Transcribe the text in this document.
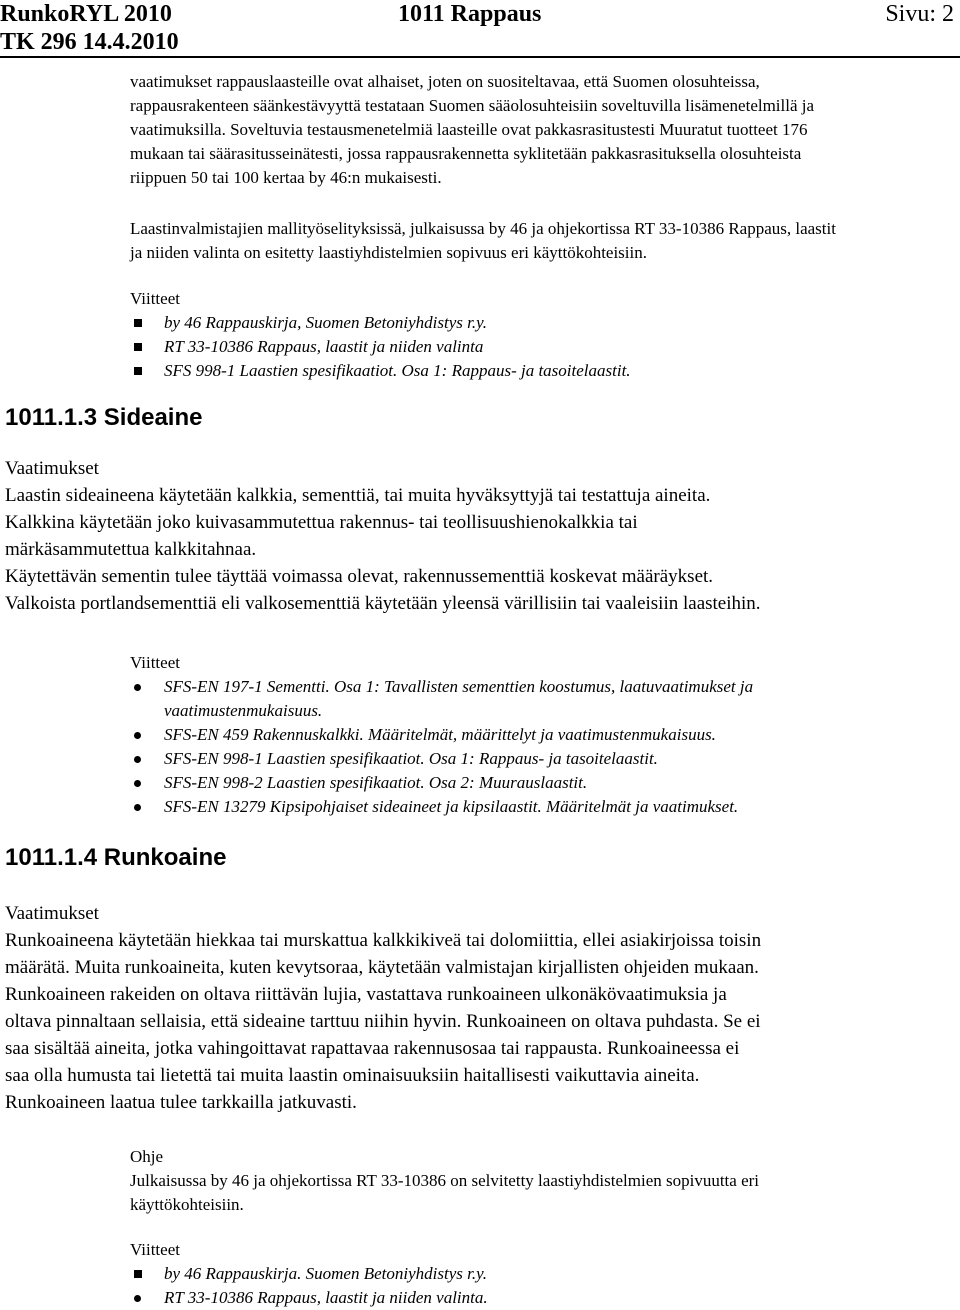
RunkoRYL 2010	1011 Rappaus	Sivu: 2
TK 296 14.4.2010
vaatimukset rappauslaasteille ovat alhaiset, joten on suositeltavaa, että Suomen olosuhteissa,
rappausrakenteen säänkestävyyttä testataan Suomen sääolosuhteisiin soveltuvilla lisämenetelmillä ja
vaatimuksilla. Soveltuvia testausmenetelmiä laasteille ovat pakkasrasitustesti Muuratut tuotteet 176
mukaan tai säärasitusseinätesti, jossa rappausrakennetta syklitetään pakkasrasituksella olosuhteista
riippuen 50 tai 100 kertaa by 46:n mukaisesti.
Laastinvalmistajien mallityöselityksissä, julkaisussa by 46 ja ohjekortissa RT 33-10386 Rappaus, laastit
ja niiden valinta on esitetty laastiyhdistelmien sopivuus eri käyttökohteisiin.
Viitteet
by 46 Rappauskirja, Suomen Betoniyhdistys r.y.
RT 33-10386 Rappaus, laastit ja niiden valinta
SFS 998-1 Laastien spesifikaatiot. Osa 1: Rappaus- ja tasoitelaastit.
1011.1.3 Sideaine
Vaatimukset
Laastin sideaineena käytetään kalkkia, sementtiä, tai muita hyväksyttyjä tai testattuja aineita.
Kalkkina käytetään joko kuivasammutettua rakennus- tai teollisuushienokalkkia tai
märkäsammutettua kalkkitahnaa.
Käytettävän sementin tulee täyttää voimassa olevat, rakennussementtiä koskevat määräykset.
Valkoista portlandsementtiä eli valkosementtiä käytetään yleensä värillisiin tai vaaleisiin laasteihin.
Viitteet
SFS-EN 197-1 Sementti. Osa 1: Tavallisten sementtien koostumus, laatuvaatimukset ja
vaatimustenmukaisuus.
SFS-EN 459 Rakennuskalkki. Määritelmät, määrittelyt ja vaatimustenmukaisuus.
SFS-EN 998-1 Laastien spesifikaatiot. Osa 1: Rappaus- ja tasoitelaastit.
SFS-EN 998-2 Laastien spesifikaatiot. Osa 2: Muurauslaastit.
SFS-EN 13279 Kipsipohjaiset sideaineet ja kipsilaastit. Määritelmät ja vaatimukset.
1011.1.4 Runkoaine
Vaatimukset
Runkoaineena käytetään hiekkaa tai murskattua kalkkikiveä tai dolomiittia, ellei asiakirjoissa toisin
määrätä. Muita runkoaineita, kuten kevytsoraa, käytetään valmistajan kirjallisten ohjeiden mukaan.
Runkoaineen rakeiden on oltava riittävän lujia, vastattava runkoaineen ulkonäkövaatimuksia ja
oltava pinnaltaan sellaisia, että sideaine tarttuu niihin hyvin. Runkoaineen on oltava puhdasta. Se ei
saa sisältää aineita, jotka vahingoittavat rapattavaa rakennusosaa tai rappausta. Runkoaineessa ei
saa olla humusta tai lietettä tai muita laastin ominaisuuksiin haitallisesti vaikuttavia aineita.
Runkoaineen laatua tulee tarkkailla jatkuvasti.
Ohje
Julkaisussa by 46 ja ohjekortissa RT 33-10386 on selvitetty laastiyhdistelmien sopivuutta eri
käyttökohteisiin.
Viitteet
by 46 Rappauskirja. Suomen Betoniyhdistys r.y.
RT 33-10386 Rappaus, laastit ja niiden valinta.
